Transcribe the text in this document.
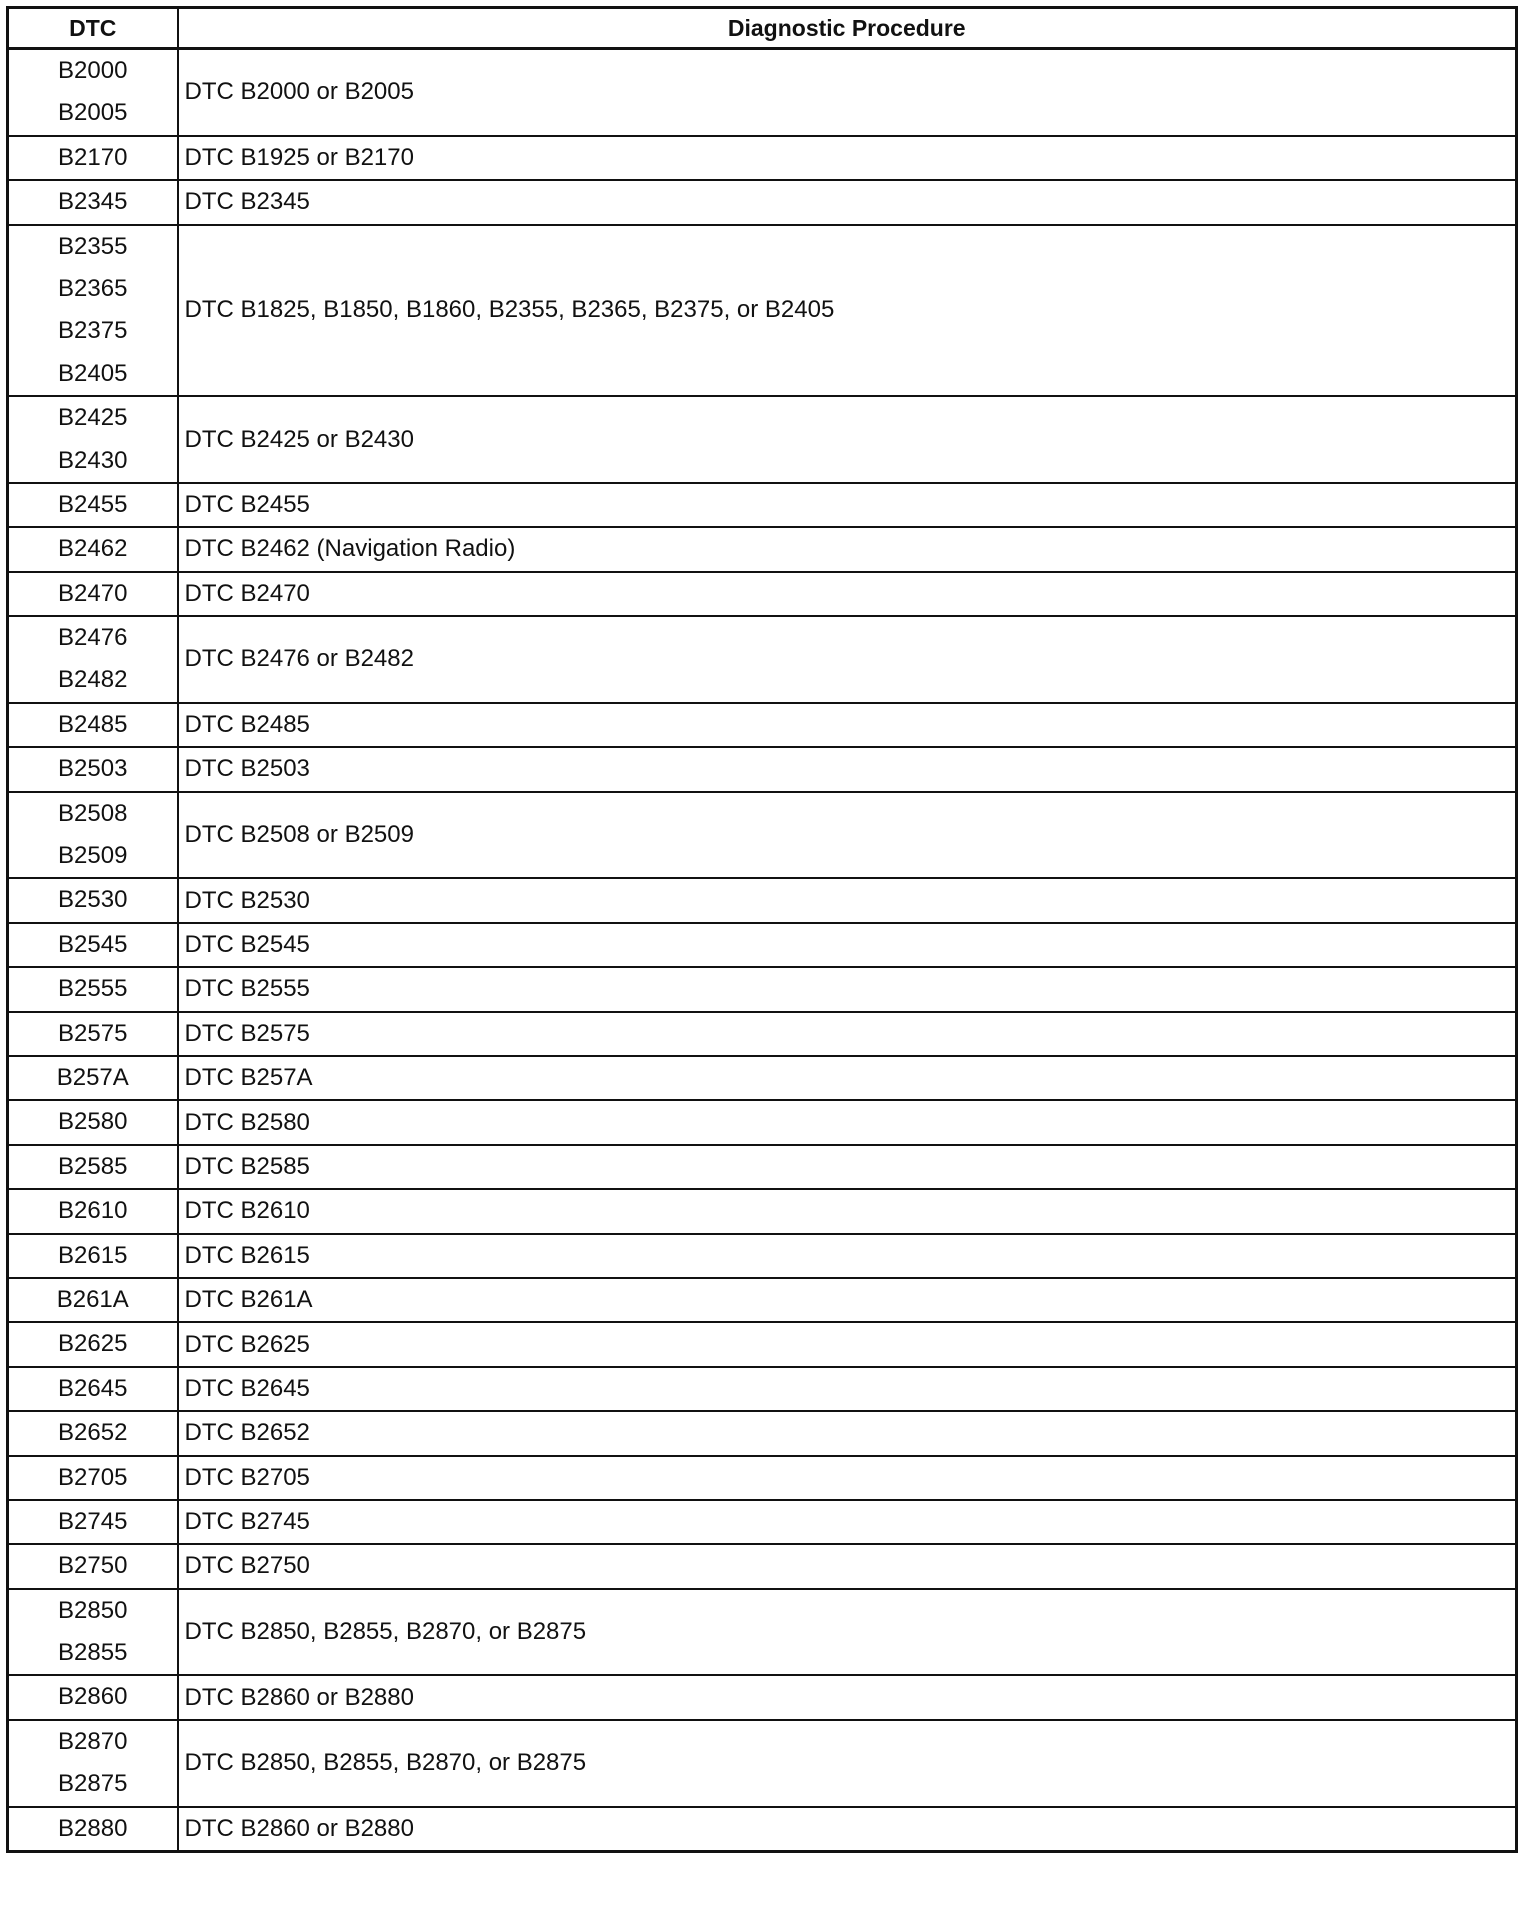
DTC	Diagnostic Procedure

B2000
B2005	DTC B2000 or B2005

B2170	DTC B1925 or B2170

B2345	DTC B2345

B2355
B2365
B2375
B2405	DTC B1825, B1850, B1860, B2355, B2365, B2375, or B2405

B2425
B2430	DTC B2425 or B2430

B2455	DTC B2455

B2462	DTC B2462 (Navigation Radio)

B2470	DTC B2470

B2476
B2482	DTC B2476 or B2482

B2485	DTC B2485

B2503	DTC B2503

B2508
B2509	DTC B2508 or B2509

B2530	DTC B2530

B2545	DTC B2545

B2555	DTC B2555

B2575	DTC B2575

B257A	DTC B257A

B2580	DTC B2580

B2585	DTC B2585

B2610	DTC B2610

B2615	DTC B2615

B261A	DTC B261A

B2625	DTC B2625

B2645	DTC B2645

B2652	DTC B2652

B2705	DTC B2705

B2745	DTC B2745

B2750	DTC B2750

B2850
B2855	DTC B2850, B2855, B2870, or B2875

B2860	DTC B2860 or B2880

B2870
B2875	DTC B2850, B2855, B2870, or B2875

B2880	DTC B2860 or B2880
